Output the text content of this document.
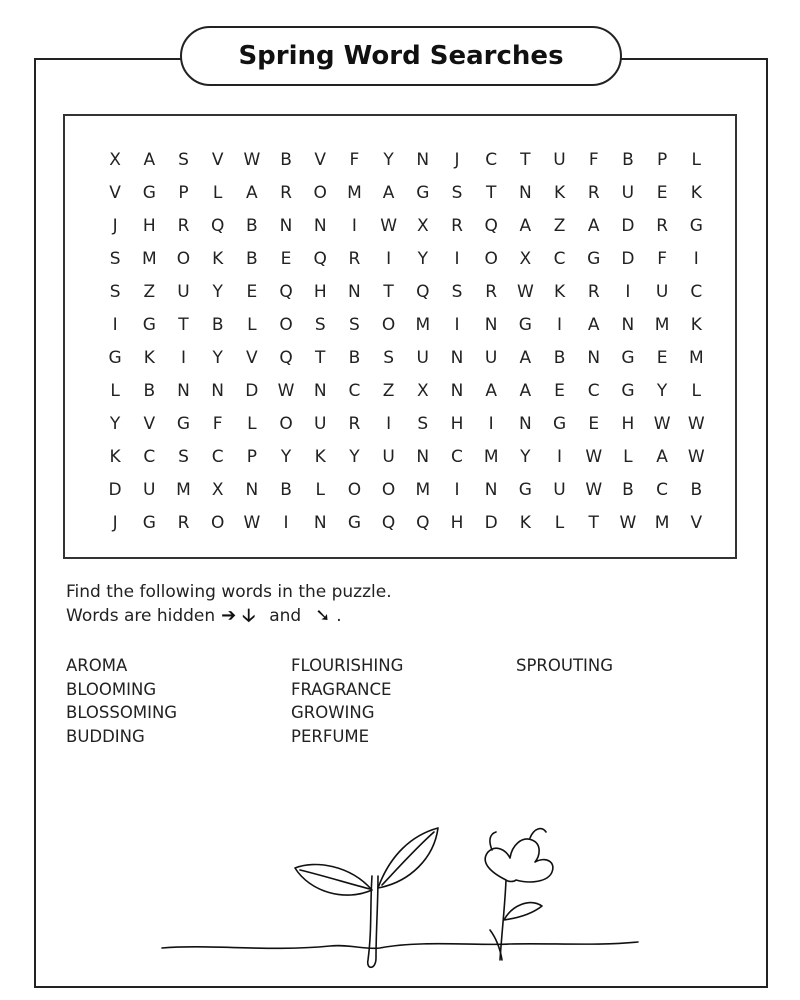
Spring Word Searches
X	A	S	V	W	B	V	F	Y	N	J	C	T	U	F	B	P	L
V	G	P	L	A	R	O	M	A	G	S	T	N	K	R	U	E	K
J	H	R	Q	B	N	N	I	W	X	R	Q	A	Z	A	D	R	G
S	M	O	K	B	E	Q	R	I	Y	I	O	X	C	G	D	F	I
S	Z	U	Y	E	Q	H	N	T	Q	S	R	W	K	R	I	U	C
I	G	T	B	L	O	S	S	O	M	I	N	G	I	A	N	M	K
G	K	I	Y	V	Q	T	B	S	U	N	U	A	B	N	G	E	M
L	B	N	N	D	W	N	C	Z	X	N	A	A	E	C	G	Y	L
Y	V	G	F	L	O	U	R	I	S	H	I	N	G	E	H	W	W
K	C	S	C	P	Y	K	Y	U	N	C	M	Y	I	W	L	A	W
D	U	M	X	N	B	L	O	O	M	I	N	G	U	W	B	C	B
J	G	R	O	W	I	N	G	Q	Q	H	D	K	L	T	W	M	V
Find the following words in the puzzle.
Words are hidden ➔ 🡣 and ➘ .
AROMA
BLOOMING
BLOSSOMING
BUDDING
FLOURISHING
FRAGRANCE
GROWING
PERFUME
SPROUTING
